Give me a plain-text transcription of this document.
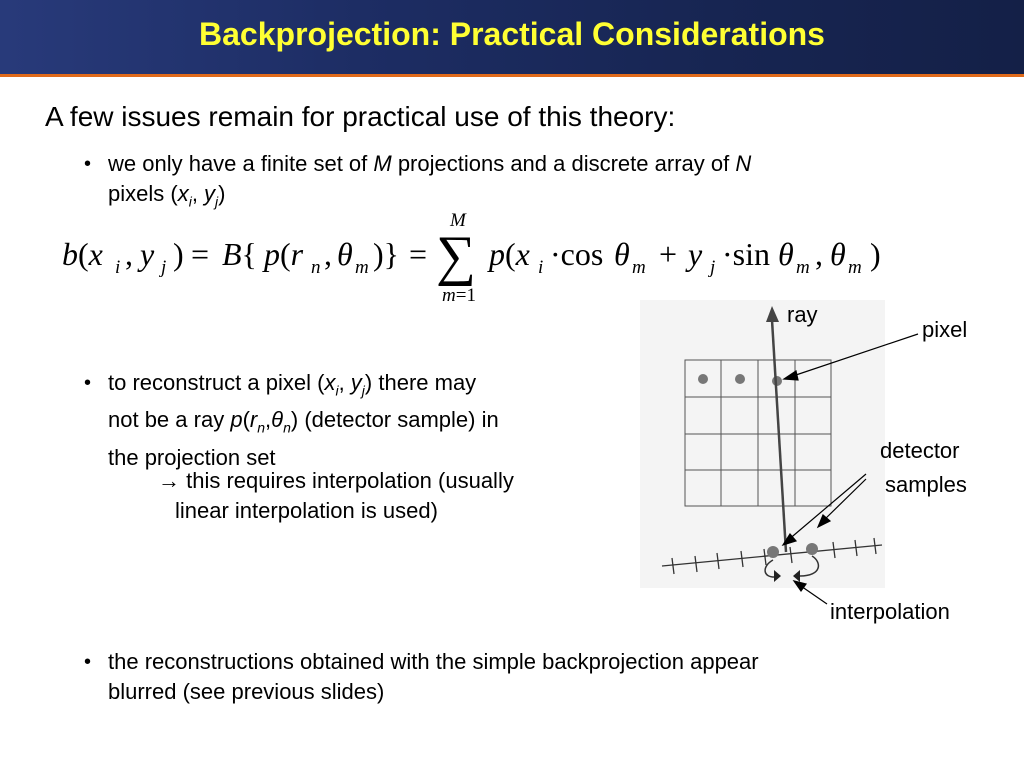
Backprojection: Practical Considerations
A few issues remain for practical use of this theory:
• we only have a finite set of M projections and a discrete array of N
pixels ($x_i$, $y_j$)
b(x i , y j ) = B{ p(r n , θ m )} =
M
∑
m=1
p(x i ·cos θ m + y j ·sin θ m , θ m )
• to reconstruct a pixel ($x_i$, $y_j$) there may
not be a ray $p(r_n,\theta_n)$ (detector sample) in
the projection set
→ this requires interpolation (usually
linear interpolation is used)
ray
pixel
detector
samples
interpolation
• the reconstructions obtained with the simple backprojection appear
blurred (see previous slides)
